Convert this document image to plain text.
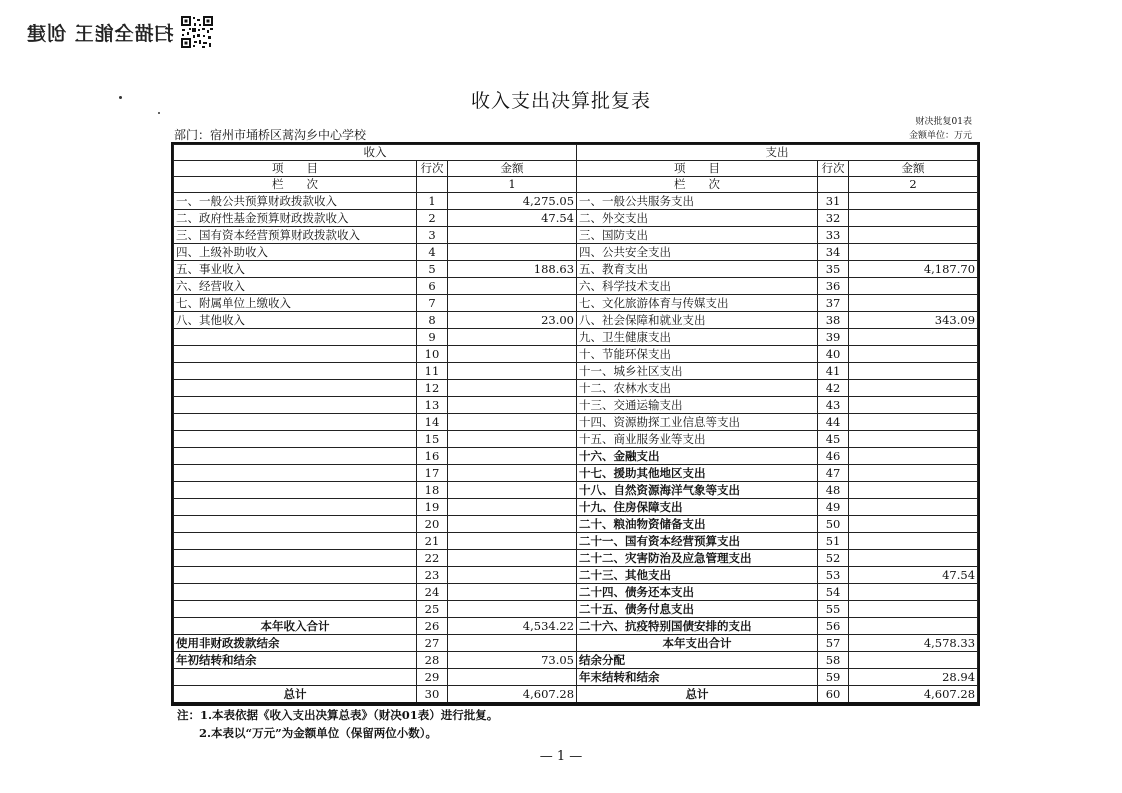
扫描全能王 创建
收入支出决算批复表
财决批复01表
金额单位：万元
部门：宿州市埇桥区蒿沟乡中心学校
收入			支出		
项　　目	行次	金额	项　　目	行次	金额
栏　　次		1	栏　　次		2
一、一般公共预算财政拨款收入	1	4,275.05	一、一般公共服务支出	31	
二、政府性基金预算财政拨款收入	2	47.54	二、外交支出	32	
三、国有资本经营预算财政拨款收入	3		三、国防支出	33	
四、上级补助收入	4		四、公共安全支出	34	
五、事业收入	5	188.63	五、教育支出	35	4,187.70
六、经营收入	6		六、科学技术支出	36	
七、附属单位上缴收入	7		七、文化旅游体育与传媒支出	37	
八、其他收入	8	23.00	八、社会保障和就业支出	38	343.09
	9		九、卫生健康支出	39	
	10		十、节能环保支出	40	
	11		十一、城乡社区支出	41	
	12		十二、农林水支出	42	
	13		十三、交通运输支出	43	
	14		十四、资源勘探工业信息等支出	44	
	15		十五、商业服务业等支出	45	
	16		十六、金融支出	46	
	17		十七、援助其他地区支出	47	
	18		十八、自然资源海洋气象等支出	48	
	19		十九、住房保障支出	49	
	20		二十、粮油物资储备支出	50	
	21		二十一、国有资本经营预算支出	51	
	22		二十二、灾害防治及应急管理支出	52	
	23		二十三、其他支出	53	47.54
	24		二十四、债务还本支出	54	
	25		二十五、债务付息支出	55	
本年收入合计	26	4,534.22	二十六、抗疫特别国债安排的支出	56	
使用非财政拨款结余	27		本年支出合计	57	4,578.33
年初结转和结余	28	73.05	结余分配	58	
	29		年末结转和结余	59	28.94
总计	30	4,607.28	总计	60	4,607.28
注：1.本表依据《收入支出决算总表》（财决01表）进行批复。
2.本表以“万元”为金额单位（保留两位小数）。
— 1 —
